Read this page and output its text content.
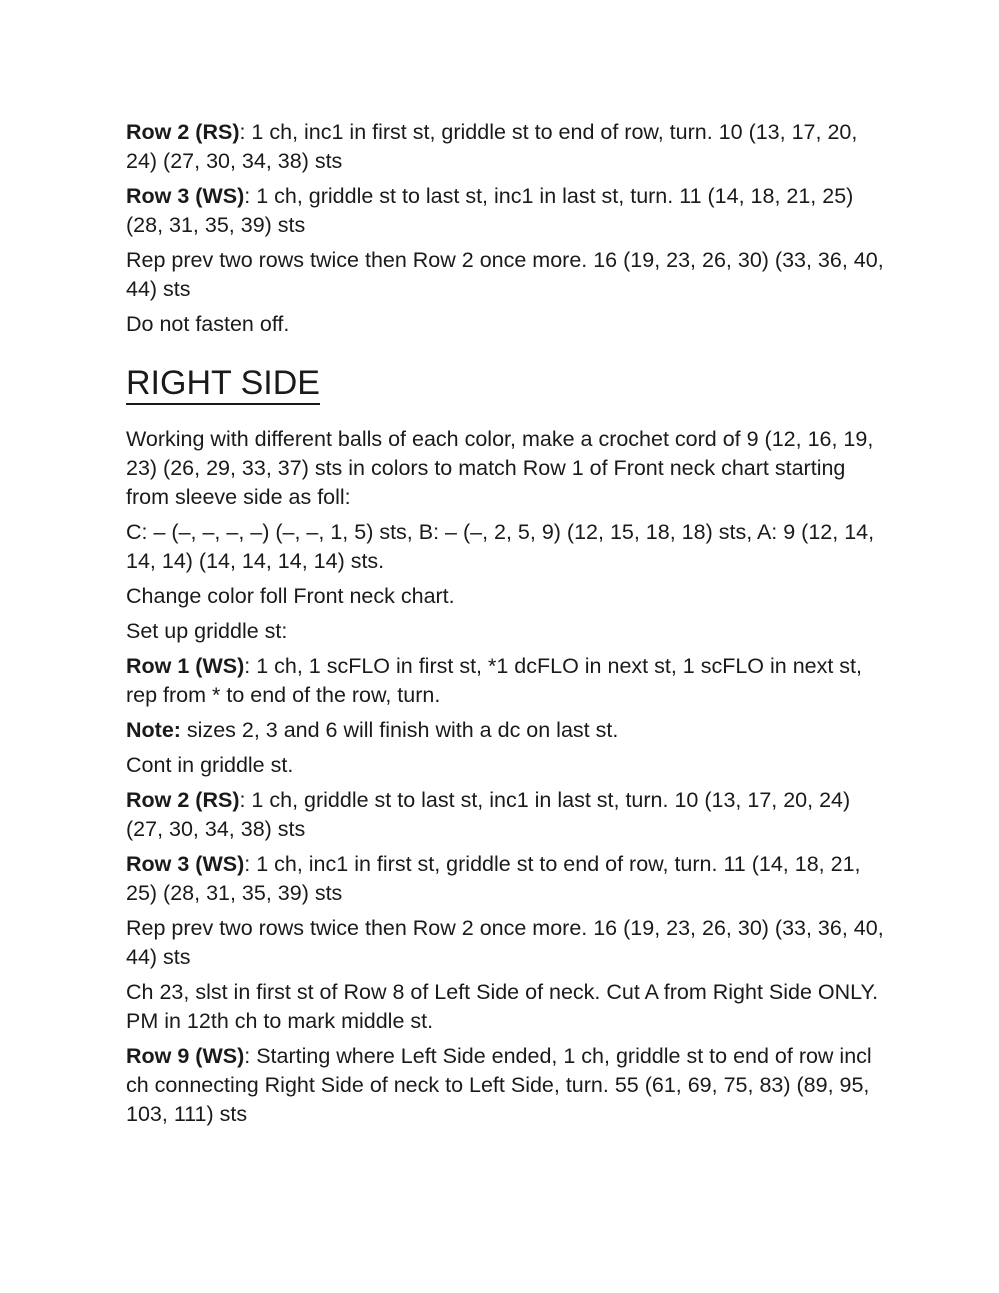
Row 2 (RS): 1 ch, inc1 in first st, griddle st to end of row, turn. 10 (13, 17, 20, 24) (27, 30, 34, 38) sts

Row 3 (WS): 1 ch, griddle st to last st, inc1 in last st, turn. 11 (14, 18, 21, 25) (28, 31, 35, 39) sts

Rep prev two rows twice then Row 2 once more. 16 (19, 23, 26, 30) (33, 36, 40, 44) sts

Do not fasten off.

RIGHT SIDE

Working with different balls of each color, make a crochet cord of 9 (12, 16, 19, 23) (26, 29, 33, 37) sts in colors to match Row 1 of Front neck chart starting from sleeve side as foll:

C: – (–, –, –, –) (–, –, 1, 5) sts, B: – (–, 2, 5, 9) (12, 15, 18, 18) sts, A: 9 (12, 14, 14, 14) (14, 14, 14, 14) sts.

Change color foll Front neck chart.

Set up griddle st:

Row 1 (WS): 1 ch, 1 scFLO in first st, *1 dcFLO in next st, 1 scFLO in next st, rep from * to end of the row, turn.

Note: sizes 2, 3 and 6 will finish with a dc on last st.

Cont in griddle st.

Row 2 (RS): 1 ch, griddle st to last st, inc1 in last st, turn. 10 (13, 17, 20, 24) (27, 30, 34, 38) sts

Row 3 (WS): 1 ch, inc1 in first st, griddle st to end of row, turn. 11 (14, 18, 21, 25) (28, 31, 35, 39) sts

Rep prev two rows twice then Row 2 once more. 16 (19, 23, 26, 30) (33, 36, 40, 44) sts

Ch 23, slst in first st of Row 8 of Left Side of neck. Cut A from Right Side ONLY. PM in 12th ch to mark middle st.

Row 9 (WS): Starting where Left Side ended, 1 ch, griddle st to end of row incl ch connecting Right Side of neck to Left Side, turn. 55 (61, 69, 75, 83) (89, 95, 103, 111) sts
